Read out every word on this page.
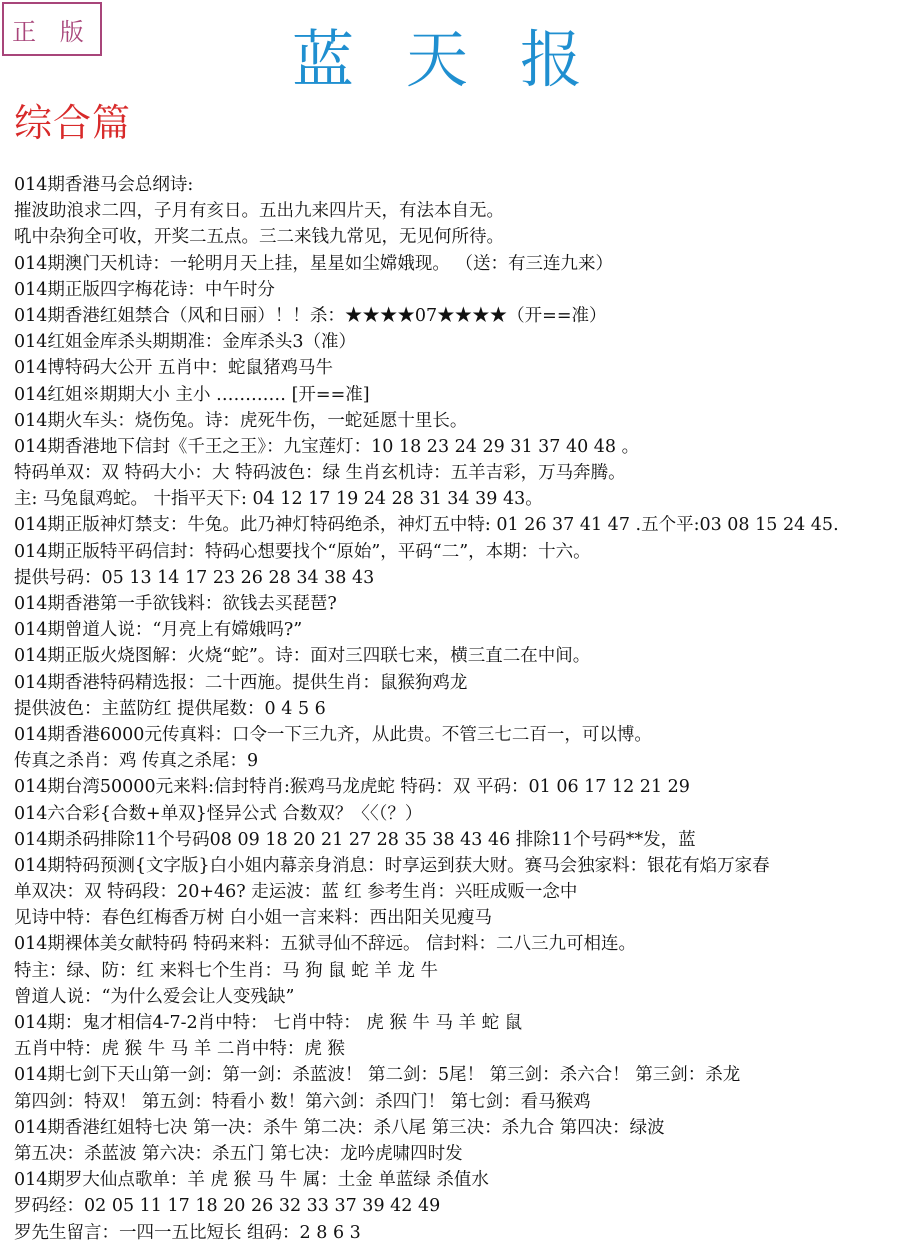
正 版	蓝天报
综合篇
014期香港马会总纲诗:
摧波助浪求二四，子月有亥日。五出九来四片天，有法本自无。
吼中杂狗全可收，开奖二五点。三二来钱九常见，无见何所待。
014期澳门天机诗：一轮明月天上挂，星星如尘嫦娥现。 （送：有三连九来）
014期正版四字梅花诗：中午时分
014期香港红姐禁合（风和日丽）！！杀：★★★★07★★★★（开==准）
014红姐金库杀头期期准：金库杀头3（准）
014博特码大公开 五肖中：蛇鼠猪鸡马牛
014红姐※期期大小 主小 ………… [开==准]
014期火车头：烧伤兔。诗：虎死牛伤，一蛇延愿十里长。
014期香港地下信封《千王之王》：九宝莲灯：10 18 23 24 29 31 37 40 48 。
特码单双：双 特码大小：大 特码波色：绿 生肖玄机诗：五羊吉彩，万马奔腾。
主: 马兔鼠鸡蛇。 十指平天下: 04 12 17 19 24 28 31 34 39 43。
014期正版神灯禁支：牛兔。此乃神灯特码绝杀，神灯五中特: 01 26 37 41 47 .五个平:03 08 15 24 45.
014期正版特平码信封：特码心想要找个“原始”，平码“二”，本期：十六。
提供号码：05 13 14 17 23 26 28 34 38 43
014期香港第一手欲钱料：欲钱去买琵琶?
014期曾道人说：“月亮上有嫦娥吗?”
014期正版火烧图解：火烧“蛇”。诗：面对三四联七来，横三直二在中间。
014期香港特码精选报：二十西施。提供生肖：鼠猴狗鸡龙
提供波色：主蓝防红 提供尾数：0 4 5 6
014期香港6000元传真料：口令一下三九齐，从此贵。不管三七二百一，可以博。
传真之杀肖：鸡 传真之杀尾：9
014期台湾50000元来料:信封特肖:猴鸡马龙虎蛇 特码：双 平码：01 06 17 12 21 29
014六合彩{合数+单双}怪异公式 合数双？〈〈（？）
014期杀码排除11个号码08 09 18 20 21 27 28 35 38 43 46 排除11个号码**发，蓝
014期特码预测{文字版}白小姐内幕亲身消息：时享运到获大财。赛马会独家料：银花有焰万家春
单双决：双 特码段：20+46? 走运波：蓝 红 参考生肖：兴旺成贩一念中
见诗中特：春色红梅香万树 白小姐一言来料：西出阳关见瘦马
014期裸体美女献特码 特码来料：五狱寻仙不辞远。 信封料：二八三九可相连。
特主：绿、防：红 来料七个生肖：马 狗 鼠 蛇 羊 龙 牛
曾道人说：“为什么爱会让人变残缺”
014期：鬼才相信4-7-2肖中特： 七肖中特： 虎 猴 牛 马 羊 蛇 鼠
五肖中特：虎 猴 牛 马 羊 二肖中特：虎 猴
014期七剑下天山第一剑：第一剑：杀蓝波！ 第二剑：5尾！ 第三剑：杀六合！ 第三剑：杀龙
第四剑：特双！ 第五剑：特看小 数！第六剑：杀四门！ 第七剑：看马猴鸡
014期香港红姐特七决 第一决：杀牛 第二决：杀八尾 第三决：杀九合 第四决：绿波
第五决：杀蓝波 第六决：杀五门 第七决：龙吟虎啸四时发
014期罗大仙点歌单：羊 虎 猴 马 牛 属：土金 单蓝绿 杀值水
罗码经：02 05 11 17 18 20 26 32 33 37 39 42 49
罗先生留言：一四一五比短长 组码：2 8 6 3
